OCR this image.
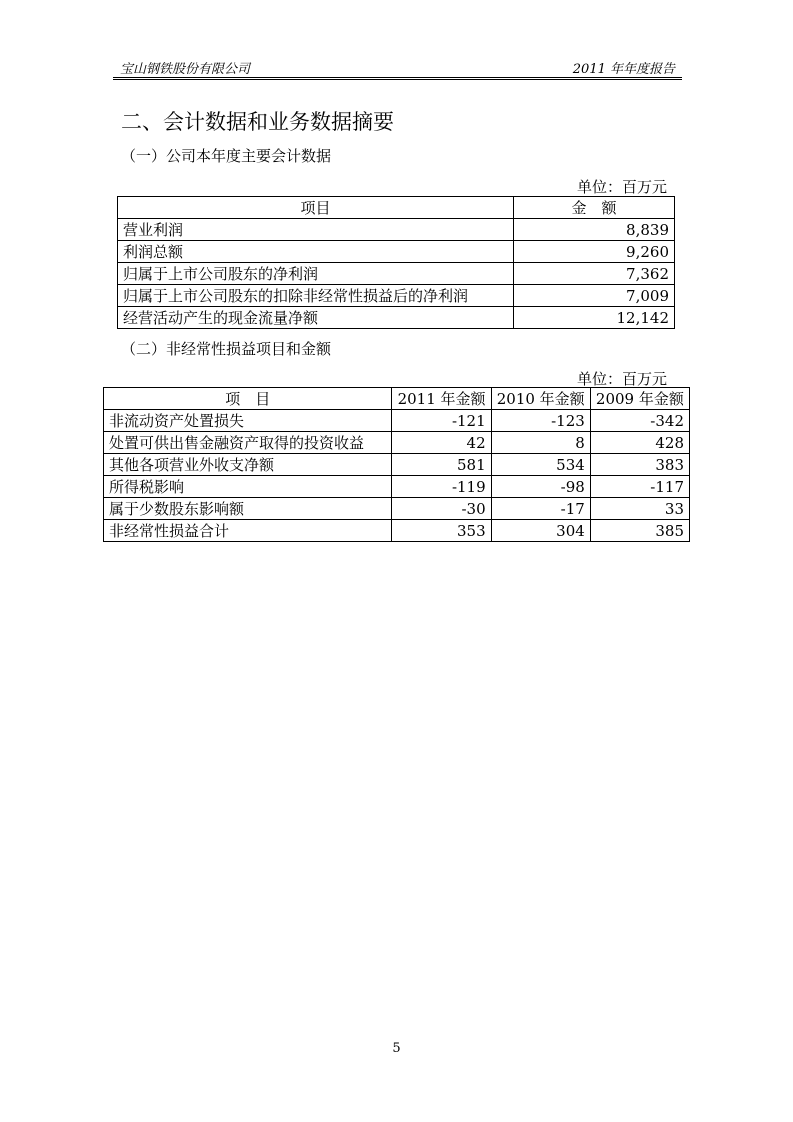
宝山钢铁股份有限公司	2011 年年度报告
二、会计数据和业务数据摘要
（一）公司本年度主要会计数据
单位：百万元
项目	金　额
营业利润	8,839
利润总额	9,260
归属于上市公司股东的净利润	7,362
归属于上市公司股东的扣除非经常性损益后的净利润	7,009
经营活动产生的现金流量净额	12,142
（二）非经常性损益项目和金额
单位：百万元
项　目	2011 年金额	2010 年金额	2009 年金额
非流动资产处置损失	-121	-123	-342
处置可供出售金融资产取得的投资收益	42	8	428
其他各项营业外收支净额	581	534	383
所得税影响	-119	-98	-117
属于少数股东影响额	-30	-17	33
非经常性损益合计	353	304	385
5
